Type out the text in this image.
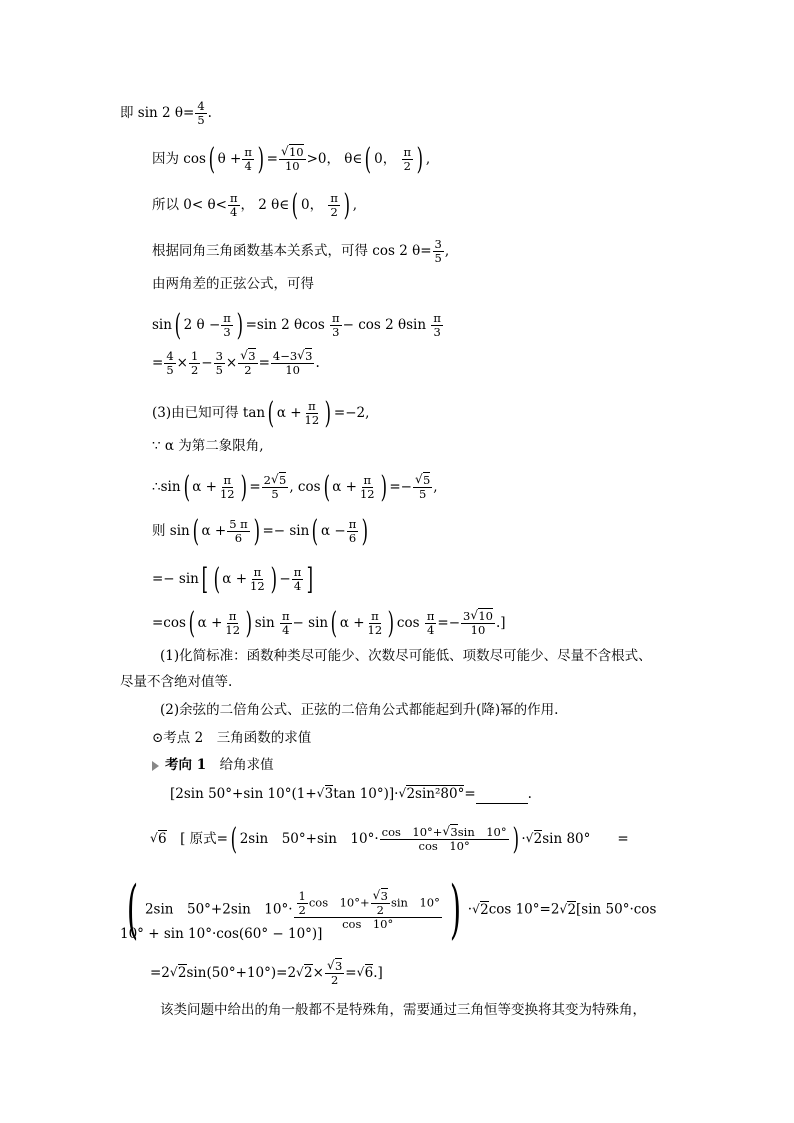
即 sin 2 $\theta= \frac{4}{5}$ .
因为 cos( $\theta + \frac{\pi}{4}$ ) =
√ $\frac{10}{10} >0$， θ∈( 0， $\frac{\pi}{2}$ ) ,
所以 $0< \theta< \frac{\pi}{4}$ ， 2 θ∈( 0， $\frac{\pi}{2}$ ) ,
根据同角三角函数基本关系式，可得 cos 2 $\theta= \frac{3}{5}$ ,
由两角差的正弦公式，可得
sin( 2 $\theta - \frac{\pi}{3}$ ) =sin 2 θcos $\frac{\pi}{3} - \cos 2$ θsin $\frac{\pi}{3}$
= $\frac{4}{5} \times \frac{1}{2} - \frac{3}{5}$ ×
√ $\frac{3}{2} = \frac{4-3√ 3}{10}$ .
(3)由已知可得 tan( $\alpha + \frac{\pi}{12}$ ) =−2,
∵ α 为第二象限角,
∴sin( $\alpha + \frac{\pi}{12}$ ) = $\frac{2√ 5}{5}$ , cos( $\alpha + \frac{\pi}{12}$ ) =−
√ $\frac{5}{5}$ ,
则 sin( $\alpha + \frac{5 \pi}{6}$ ) =− sin( $\alpha - \frac{\pi}{6}$ )
=− sin[ ( $\alpha + \frac{\pi}{12}$ ) − $\frac{\pi}{4}$ ]
=cos( $\alpha + \frac{\pi}{12}$ ) $\sin \frac{\pi}{4} - \sin$( $\alpha + \frac{\pi}{12}$ ) $\cos \frac{\pi}{4} =- \frac{3√ 10}{10}$ .]
(1)化简标准：函数种类尽可能少、次数尽可能低、项数尽可能少、尽量不含根式、
尽量不含绝对值等.
(2)余弦的二倍角公式、正弦的二倍角公式都能起到升(降)幂的作用.
⊙考点 2　三角函数的求值
考向 1　 给角求值
[2sin 50°+sin 10°(1+√ 3tan 10°)]·√ 2sin²80°=	.
√ 6　[ 原式=( 2sin　50°+sin　$10^\circ\cdot \frac{\cos 10^\circ+√ 3\sin 10^\circ}{\cos 10^\circ}$ ) ·√ 2sin 80°　　=
( 2sin　50°+2sin　$10^\circ\cdot \frac{1}{2}$ cos　10°+
√ $\frac{3}{2}$ sin　10°
cos　10° ) ·√ 2cos 10°=2√ 2[sin 50°·cos
10° + sin 10°·cos(60° − 10°)]
=2√ 2sin(50°+10°)=2√ 2×
√ $\frac{3}{2}$ =√ 6.]
该类问题中给出的角一般都不是特殊角，需要通过三角恒等变换将其变为特殊角，
